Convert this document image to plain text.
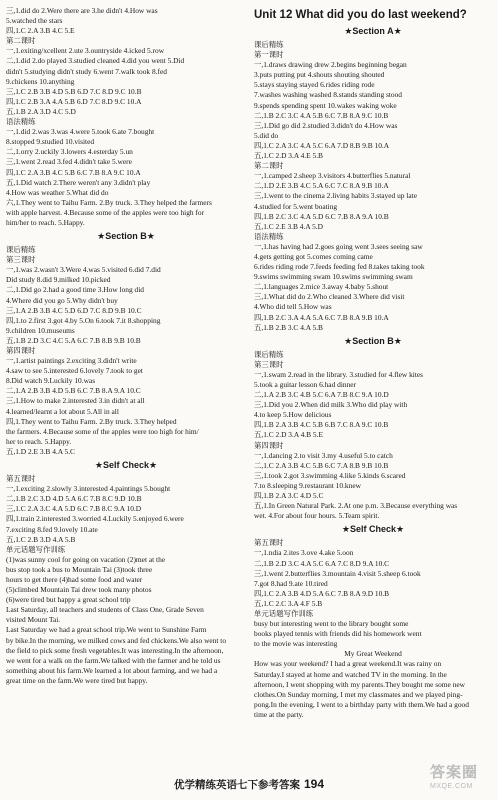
三,1.did do 2.Were there are 3.he didn't 4.How was
5.watched the stars
四,1.C 2.A 3.B 4.C 5.E
第二课时
一,1.exiting/xcellent 2.ute 3.ountryside 4.icked 5.row
二,1.did 2.do played 3.studied cleaned 4.did you went 5.Did
didn't 5.studying didn't study 6.went 7.walk took 8.fed
9.chickens 10.anything
三,1.C 2.B 3.B 4.D 5.B 6.D 7.C 8.D 9.C 10.B
四,1.C 2.B 3.A 4.A 5.B 6.D 7.C 8.D 9.C 10.A
五,1.B 2.A 3.D 4.C 5.D
语法精练
一,1.did 2.was 3.was 4.were 5.took 6.ate 7.bought
8.stopped 9.studied 10.visited
二,1.orry 2.uckily 3.lowers 4.esterday 5.un
三,1.went 2.read 3.fed 4.didn't take 5.were
四,1.C 2.A 3.B 4.C 5.B 6.C 7.B 8.A 9.C 10.A
五,1.Did watch 2.There weren't any 3.didn't play
4.How was weather 5.What did do
六,1.They went to Taihu Farm. 2.By truck. 3.They helped the farmers
with apple harvest. 4.Because some of the apples were too high for
him/her to reach. 5.Happy.
★Section B★
课后精练
第三课时
一,1.was 2.wasn't 3.Were 4.was 5.visited 6.did 7.did
Did study 8.did 9.milked 10.picked
二,1.Did go 2.had a good time 3.How long did
4.Where did you go 5.Why didn't buy
三,1.A 2.B 3.B 4.C 5.D 6.D 7.C 8.D 9.B 10.C
四,1.to 2.first 3.got 4.by 5.On 6.took 7.it 8.shopping
9.children 10.museums
五,1.B 2.D 3.C 4.C 5.A 6.C 7.B 8.B 9.B 10.B
第四课时
一,1.artist paintings 2.exciting 3.didn't write
4.saw to see 5.interested 6.lovely 7.took to get
8.Did watch 9.Luckily 10.was
二,1.A 2.B 3.B 4.D 5.B 6.C 7.B 8.A 9.A 10.C
三,1.How to make 2.interested 3.in didn't at all
4.learned/learnt a lot about 5.All in all
四,1.They went to Taihu Farm. 2.By truck. 3.They helped
the farmers. 4.Because some of the apples were too high for him/
her to reach. 5.Happy.
五,1.D 2.E 3.B 4.A 5.C
★Self Check★
第五课时
一,1.exciting 2.slowly 3.interested 4.paintings 5.bought
二,1.B 2.C 3.D 4.D 5.A 6.C 7.B 8.C 9.D 10.B
三,1.C 2.A 3.C 4.A 5.D 6.C 7.B 8.C 9.A 10.D
四,1.train 2.interested 3.worried 4.Luckily 5.enjoyed 6.were
7.exciting 8.fed 9.lovely 10.ate
五,1.C 2.B 3.D 4.A 5.B
单元话题写作训练
(1)was sunny cool for going on vacation (2)met at the
bus stop took a bus to Mountain Tai (3)took three
hours to get there (4)had some food and water
(5)climbed Mountain Tai drew took many photos
(6)were tired but happy a great school trip
Last Saturday, all teachers and students of Class One, Grade Seven
visited Mount Tai.
Last Saturday we had a great school trip.We went to Sunshine Farm
by bike.In the morning, we milked cows and fed chickens.We also went to
the field to pick some fresh vegetables.It was interesting.In the afternoon,
we went for a walk on the farm.We talked with the farmer and he told us
something about his farm.We learned a lot about farming, and we had a
great time on the farm.We were tired but happy.
Unit 12 What did you do last weekend?
★Section A★
课后精练
第一课时
一,1.draws drawing drew 2.begins beginning began
3.puts putting put 4.shouts shouting shouted
5.stays staying stayed 6.rides riding rode
7.washes washing washed 8.stands standing stood
9.spends spending spent 10.wakes waking woke
二,1.B 2.C 3.C 4.A 5.B 6.C 7.B 8.A 9.C 10.B
三,1.Did go did 2.studied 3.didn't do 4.How was
5.did do
四,1.C 2.A 3.C 4.A 5.C 6.A 7.D 8.B 9.B 10.A
五,1.C 2.D 3.A 4.E 5.B
第二课时
一,1.camped 2.sheep 3.visitors 4.butterflies 5.natural
二,1.D 2.E 3.B 4.C 5.A 6.C 7.C 8.A 9.B 10.A
三,1.went to the cinema 2.living habits 3.stayed up late
4.studied for 5.went boating
四,1.B 2.C 3.C 4.A 5.D 6.C 7.B 8.A 9.A 10.B
五,1.C 2.E 3.B 4.A 5.D
语法精练
一,1.has having had 2.goes going went 3.sees seeing saw
4.gets getting got 5.comes coming came
6.rides riding rode 7.feeds feeding fed 8.takes taking took
9.swims swimming swam 10.swims swimming swam
二,1.languages 2.mice 3.away 4.baby 5.shout
三,1.What did do 2.Who cleaned 3.Where did visit
4.Who did tell 5.How was
四,1.B 2.C 3.A 4.A 5.A 6.C 7.B 8.A 9.B 10.A
五,1.B 2.B 3.C 4.A 5.B
★Section B★
课后精练
第三课时
一,1.swam 2.read in the library. 3.studied for 4.flew kites
5.took a guitar lesson 6.had dinner
二,1.A 2.B 3.C 4.B 5.C 6.A 7.B 8.C 9.A 10.D
三,1.Did you 2.When did milk 3.Who did play with
4.to keep 5.How delicious
四,1.B 2.A 3.B 4.C 5.B 6.B 7.C 8.A 9.C 10.B
五,1.C 2.D 3.A 4.B 5.E
第四课时
一,1.dancing 2.to visit 3.my 4.useful 5.to catch
二,1.C 2.A 3.B 4.C 5.B 6.C 7.A 8.B 9.B 10.B
三,1.took 2.got 3.swimming 4.like 5.kinds 6.scared
7.to 8.sleeping 9.restaurant 10.knew
四,1.B 2.A 3.C 4.D 5.C
五,1.In Green Natural Park. 2.At one p.m. 3.Because everything was
wet. 4.For about four hours. 5.Team spirit.
★Self Check★
第五课时
一,1.ndia 2.ites 3.ove 4.ake 5.oon
二,1.B 2.D 3.C 4.A 5.C 6.A 7.C 8.D 9.A 10.C
三,1.went 2.butterflies 3.mountain 4.visit 5.sheep 6.took
7.got 8.had 9.ate 10.tired
四,1.C 2.A 3.B 4.D 5.A 6.C 7.B 8.A 9.D 10.B
五,1.C 2.C 3.A 4.F 5.B
单元话题写作训练
busy but interesting went to the library bought some
books played tennis with friends did his homework went
to the movie was interesting
My Great Weekend
How was your weekend? I had a great weekend.It was rainy on
Saturday.I stayed at home and watched TV in the morning. In the
afternoon, I went shopping with my parents.They bought me some new
clothes.On Sunday morning, I met my classmates and we played ping-
pong.In the evening, I went to a birthday party with them.We had a good
time at the party.
优学精练英语七下参考答案 194
答案圈
MXQE.COM
